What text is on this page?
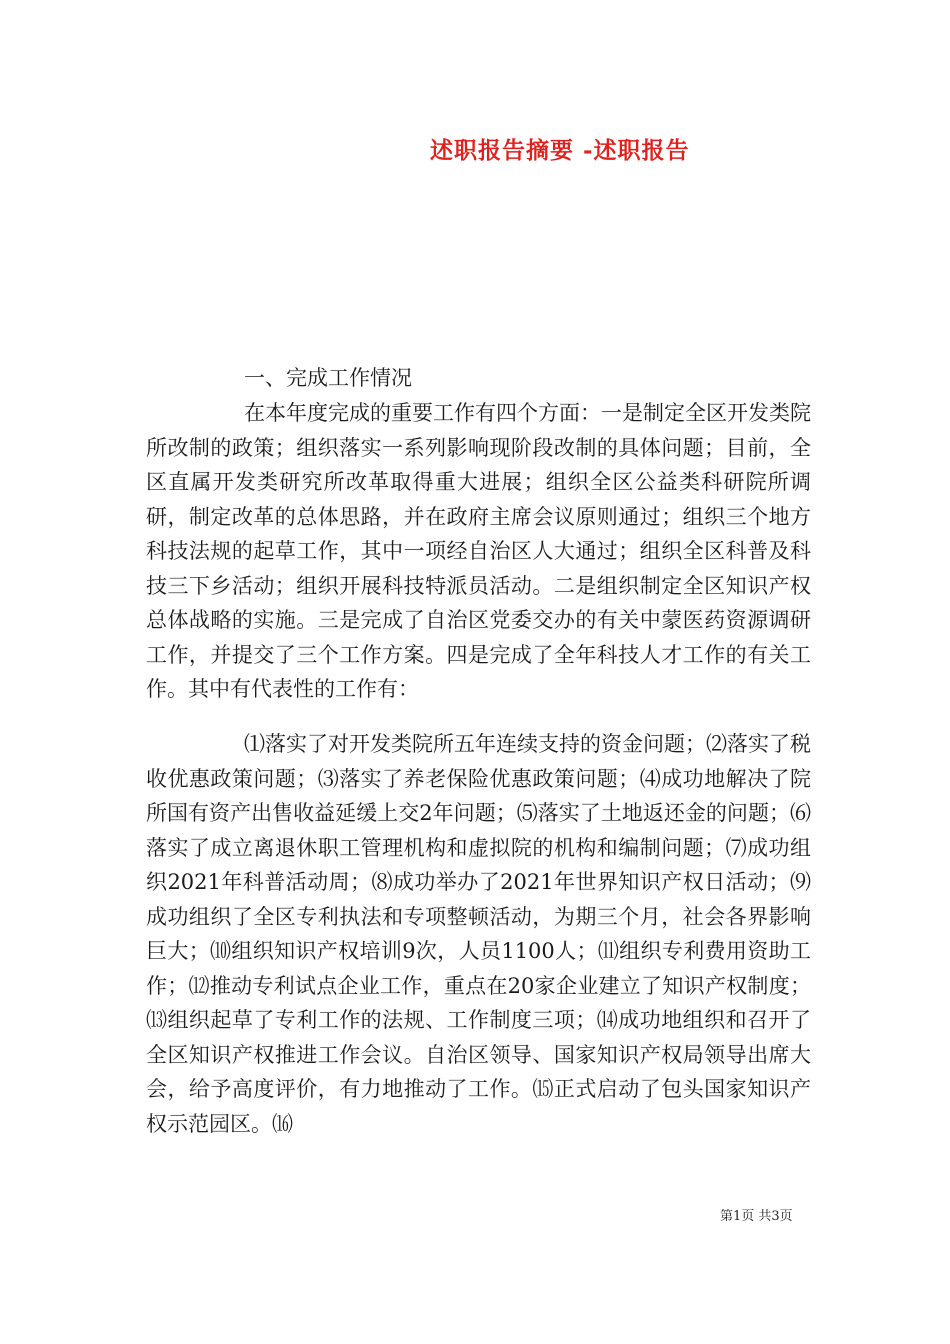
述职报告摘要 -述职报告
一、完成工作情况
在本年度完成的重要工作有四个方面：一是制定全区开发类院所改制的政策；组织落实一系列影响现阶段改制的具体问题；目前，全区直属开发类研究所改革取得重大进展；组织全区公益类科研院所调研，制定改革的总体思路，并在政府主席会议原则通过；组织三个地方科技法规的起草工作，其中一项经自治区人大通过；组织全区科普及科技三下乡活动；组织开展科技特派员活动。二是组织制定全区知识产权总体战略的实施。三是完成了自治区党委交办的有关中蒙医药资源调研工作，并提交了三个工作方案。四是完成了全年科技人才工作的有关工作。其中有代表性的工作有：
⑴落实了对开发类院所五年连续支持的资金问题；⑵落实了税收优惠政策问题；⑶落实了养老保险优惠政策问题；⑷成功地解决了院所国有资产出售收益延缓上交2年问题；⑸落实了土地返还金的问题；⑹落实了成立离退休职工管理机构和虚拟院的机构和编制问题；⑺成功组织2021年科普活动周；⑻成功举办了2021年世界知识产权日活动；⑼成功组织了全区专利执法和专项整顿活动，为期三个月，社会各界影响巨大；⑽组织知识产权培训9次，人员1100人；⑾组织专利费用资助工作；⑿推动专利试点企业工作，重点在20家企业建立了知识产权制度；⒀组织起草了专利工作的法规、工作制度三项；⒁成功地组织和召开了全区知识产权推进工作会议。自治区领导、国家知识产权局领导出席大会，给予高度评价，有力地推动了工作。⒂正式启动了包头国家知识产权示范园区。⒃
第1页 共3页
